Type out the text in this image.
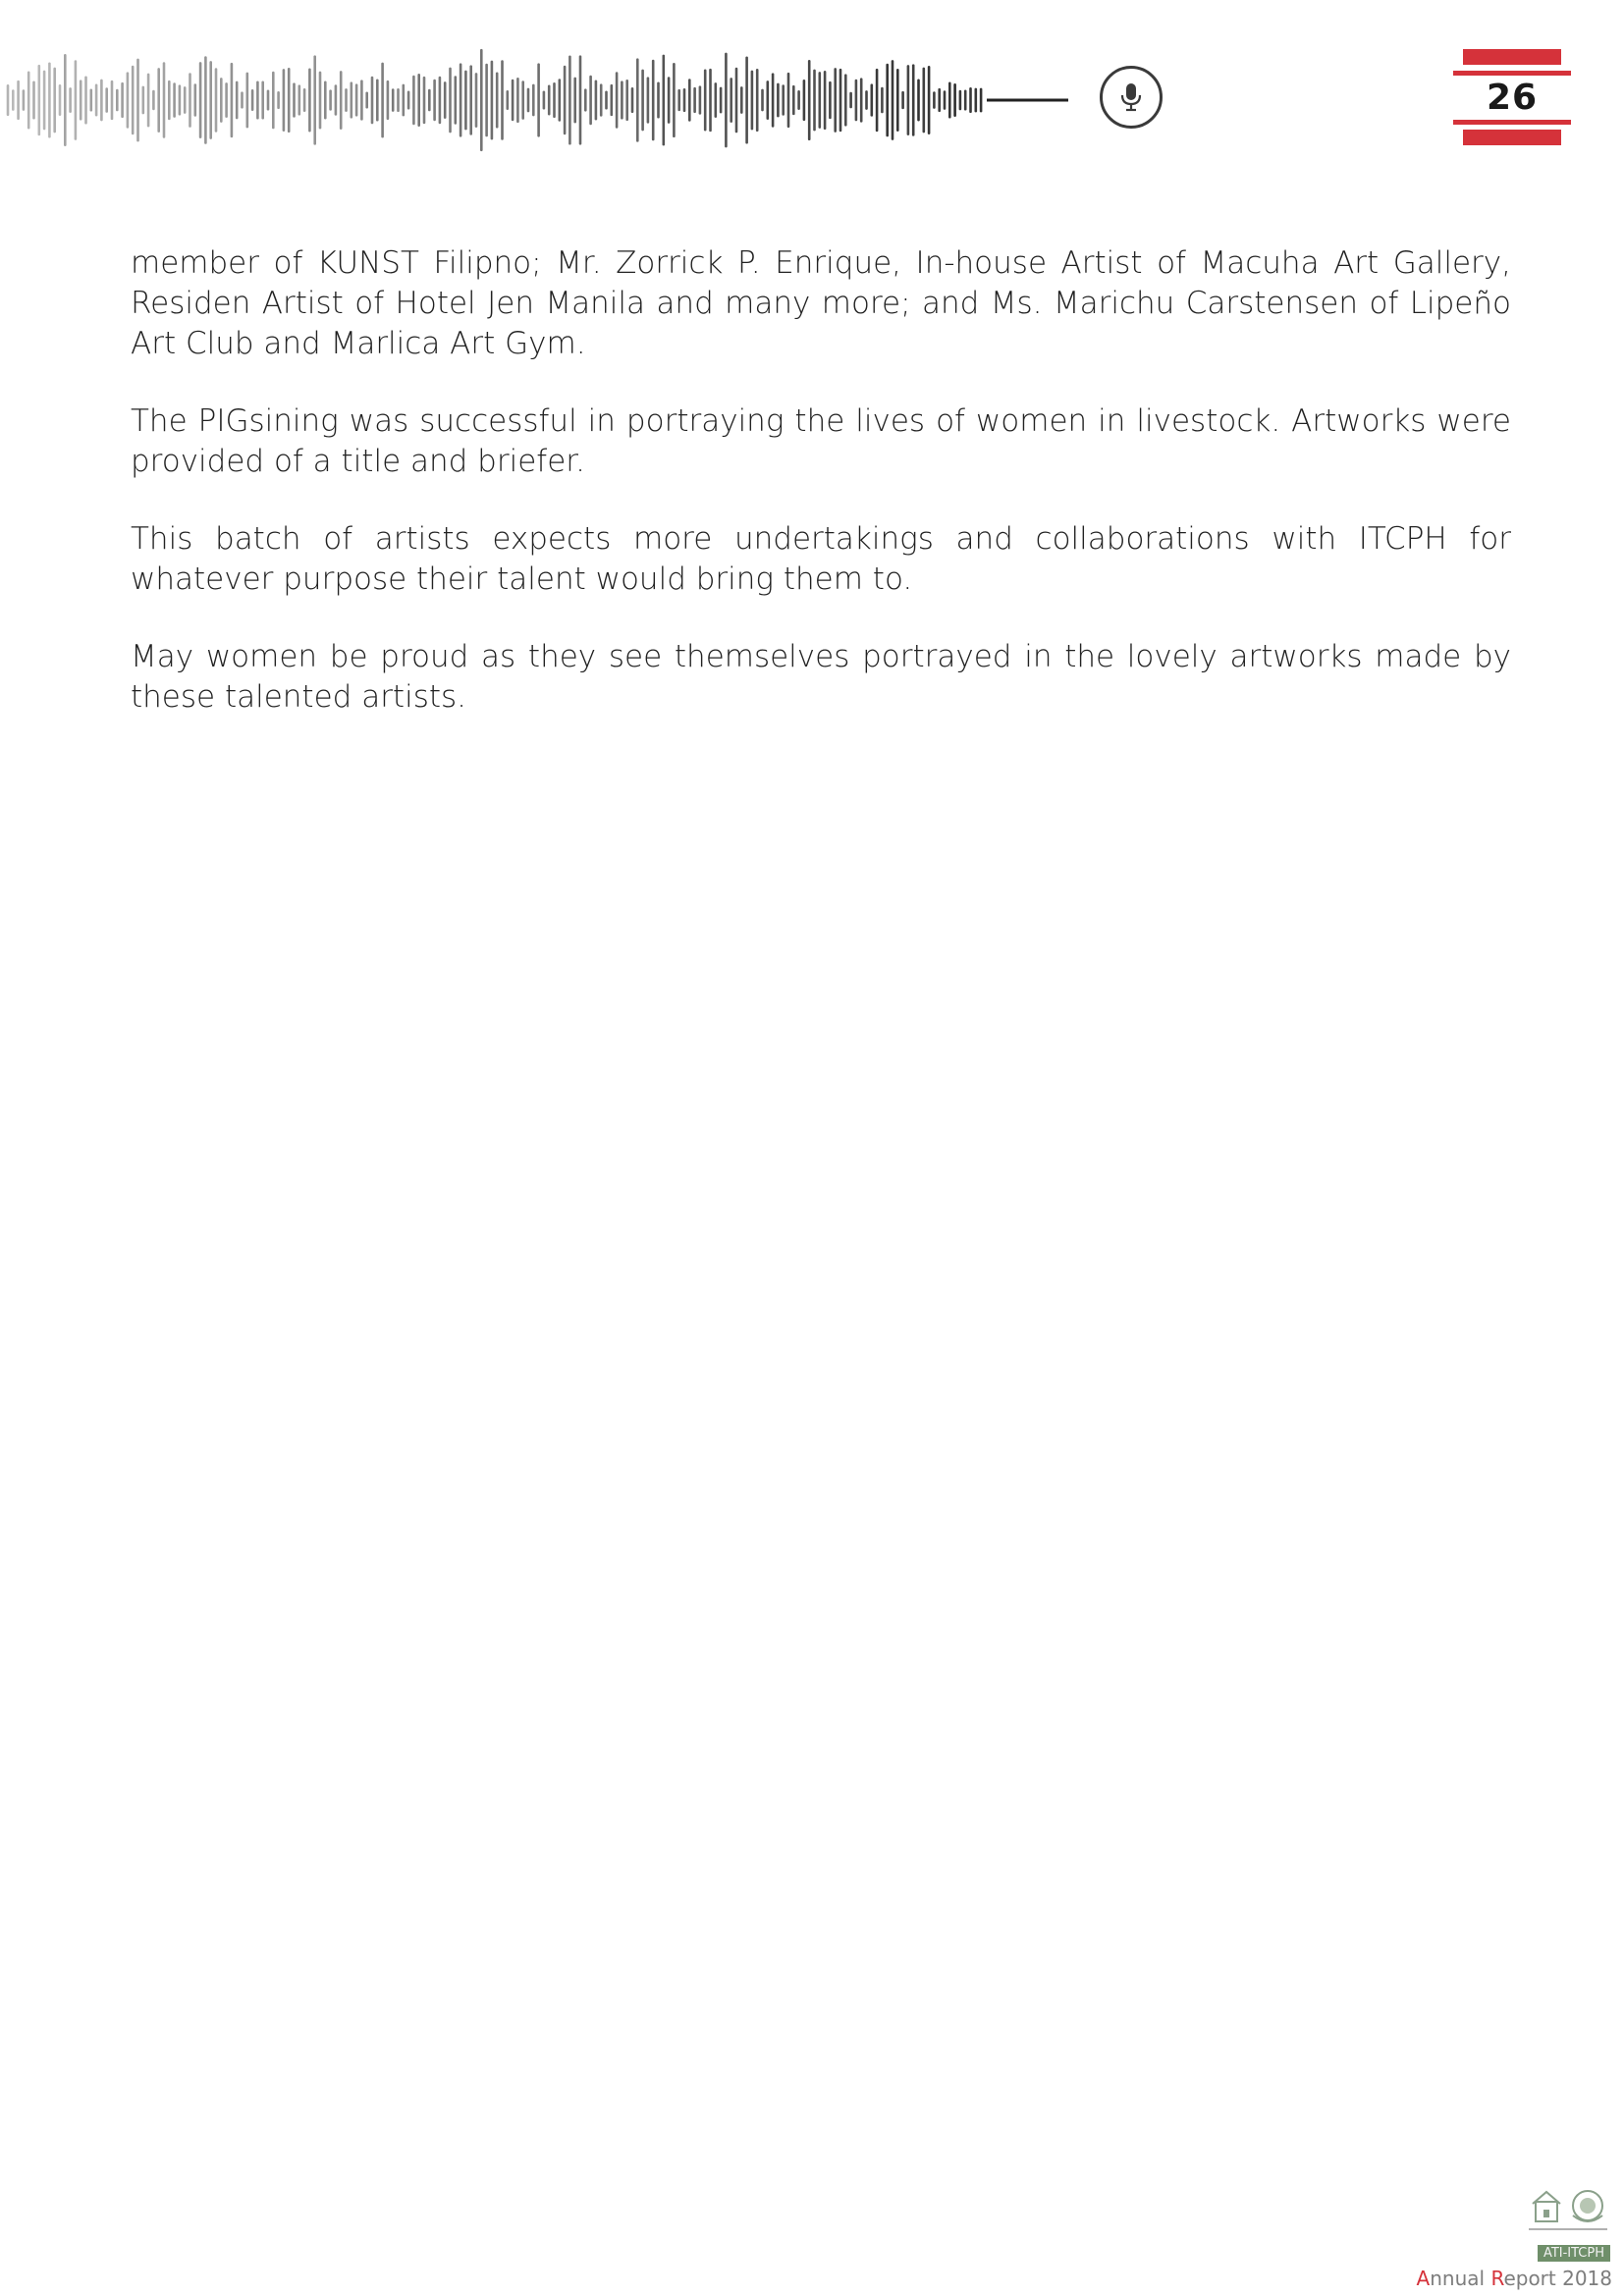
26

member of KUNST Filipno; Mr. Zorrick P. Enrique, In-house Artist of Macuha Art Gallery, Residen Artist of Hotel Jen Manila and many more; and Ms. Marichu Carstensen of Lipeño Art Club and Marlica Art Gym.

The PIGsining was successful in portraying the lives of women in livestock. Artworks were provided of a title and briefer.

This batch of artists expects more undertakings and collaborations with ITCPH for whatever purpose their talent would bring them to.

May women be proud as they see themselves portrayed in the lovely artworks made by these talented artists.

ATI-ITCPH
Annual Report 2018
